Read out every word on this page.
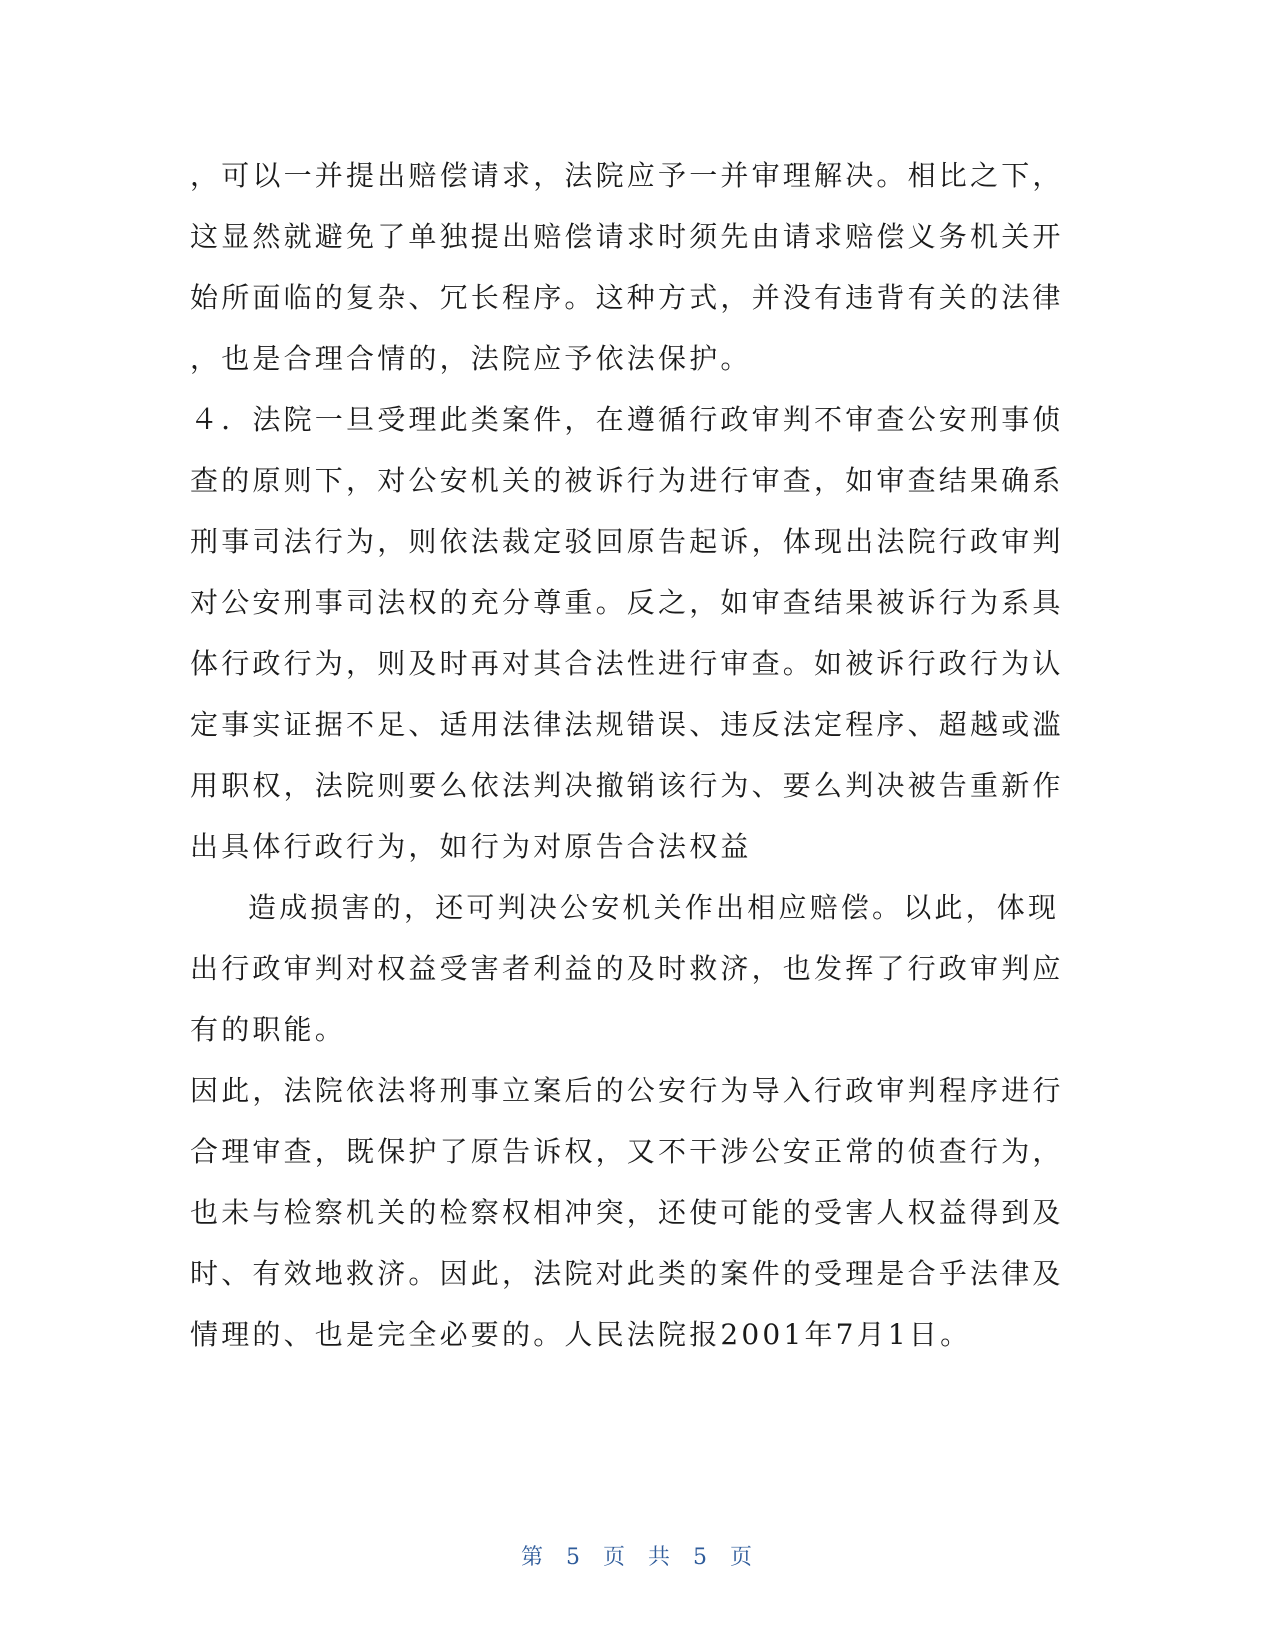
，可以一并提出赔偿请求，法院应予一并审理解决。相比之下，
这显然就避免了单独提出赔偿请求时须先由请求赔偿义务机关开
始所面临的复杂、冗长程序。这种方式，并没有违背有关的法律
，也是合理合情的，法院应予依法保护。
４．法院一旦受理此类案件，在遵循行政审判不审查公安刑事侦
查的原则下，对公安机关的被诉行为进行审查，如审查结果确系
刑事司法行为，则依法裁定驳回原告起诉，体现出法院行政审判
对公安刑事司法权的充分尊重。反之，如审查结果被诉行为系具
体行政行为，则及时再对其合法性进行审查。如被诉行政行为认
定事实证据不足、适用法律法规错误、违反法定程序、超越或滥
用职权，法院则要么依法判决撤销该行为、要么判决被告重新作
出具体行政行为，如行为对原告合法权益
造成损害的，还可判决公安机关作出相应赔偿。以此，体现
出行政审判对权益受害者利益的及时救济，也发挥了行政审判应
有的职能。
因此，法院依法将刑事立案后的公安行为导入行政审判程序进行
合理审查，既保护了原告诉权，又不干涉公安正常的侦查行为，
也未与检察机关的检察权相冲突，还使可能的受害人权益得到及
时、有效地救济。因此，法院对此类的案件的受理是合乎法律及
情理的、也是完全必要的。人民法院报2001年7月1日。
第 5 页 共 5 页
